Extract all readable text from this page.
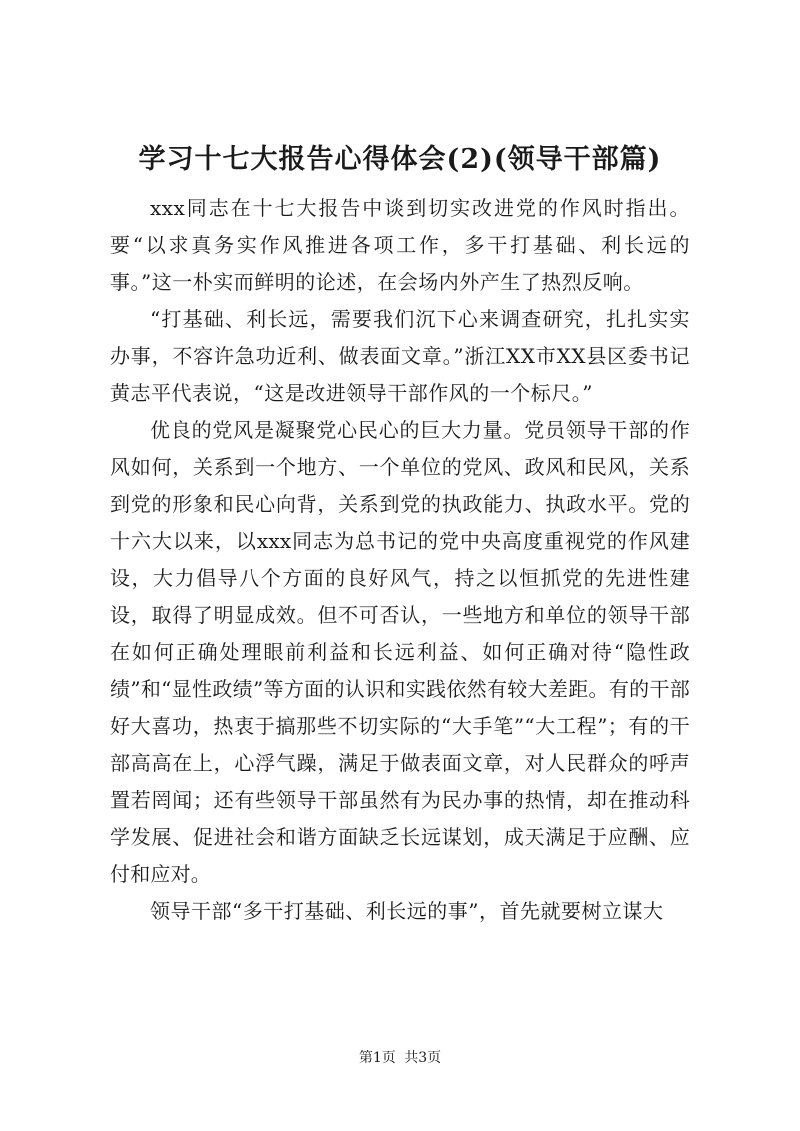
学习十七大报告心得体会(2)(领导干部篇)

xxx同志在十七大报告中谈到切实改进党的作风时指出。要“以求真务实作风推进各项工作，多干打基础、利长远的事。”这一朴实而鲜明的论述，在会场内外产生了热烈反响。

“打基础、利长远，需要我们沉下心来调查研究，扎扎实实办事，不容许急功近利、做表面文章。”浙江XX市XX县区委书记黄志平代表说，“这是改进领导干部作风的一个标尺。”

优良的党风是凝聚党心民心的巨大力量。党员领导干部的作风如何，关系到一个地方、一个单位的党风、政风和民风，关系到党的形象和民心向背，关系到党的执政能力、执政水平。党的十六大以来，以xxx同志为总书记的党中央高度重视党的作风建设，大力倡导八个方面的良好风气，持之以恒抓党的先进性建设，取得了明显成效。但不可否认，一些地方和单位的领导干部在如何正确处理眼前利益和长远利益、如何正确对待“隐性政绩”和“显性政绩”等方面的认识和实践依然有较大差距。有的干部好大喜功，热衷于搞那些不切实际的“大手笔”“大工程”；有的干部高高在上，心浮气躁，满足于做表面文章，对人民群众的呼声置若罔闻；还有些领导干部虽然有为民办事的热情，却在推动科学发展、促进社会和谐方面缺乏长远谋划，成天满足于应酬、应付和应对。

领导干部“多干打基础、利长远的事”，首先就要树立谋大

第1页 共3页
